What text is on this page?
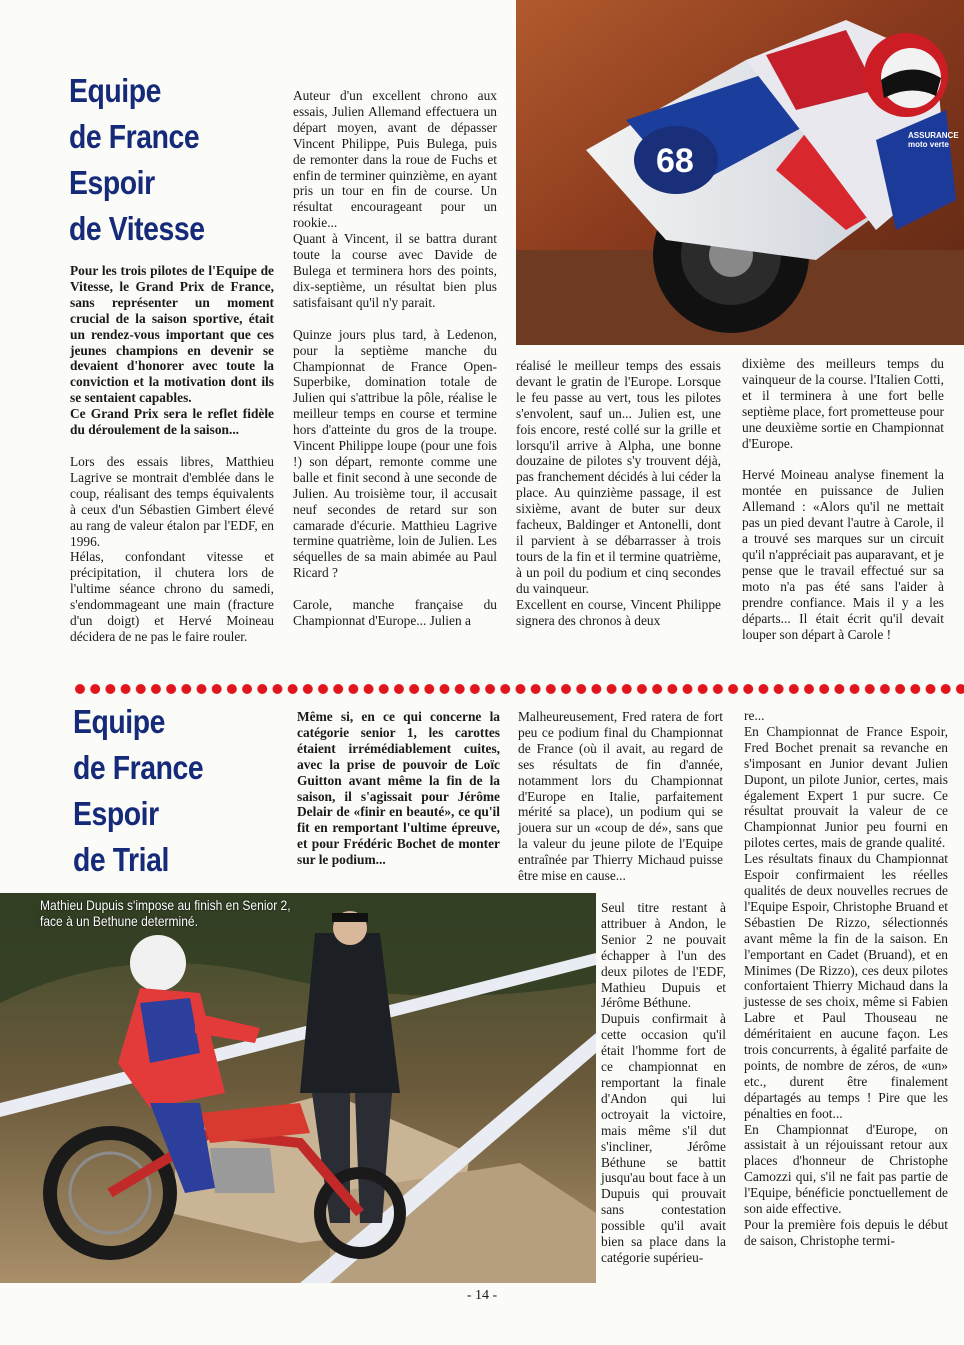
68
ASSURANCE
moto verte
Equipe
de France
Espoir
de Vitesse

Pour les trois pilotes de l'Equipe de Vitesse, le Grand Prix de France, sans représenter un moment crucial de la saison sportive, était un rendez-vous important que ces jeunes champions en devenir se devaient d'honorer avec toute la conviction et la motivation dont ils se sentaient capables.

Ce Grand Prix sera le reflet fidèle du déroulement de la saison...

Lors des essais libres, Matthieu Lagrive se montrait d'emblée dans le coup, réalisant des temps équivalents à ceux d'un Sébastien Gimbert élevé au rang de valeur étalon par l'EDF, en 1996.

Hélas, confondant vitesse et précipitation, il chutera lors de l'ultime séance chrono du samedi, s'endommageant une main (fracture d'un doigt) et Hervé Moineau décidera de ne pas le faire rouler.

Auteur d'un excellent chrono aux essais, Julien Allemand effectuera un départ moyen, avant de dépasser Vincent Philippe, Puis Bulega, puis de remonter dans la roue de Fuchs et enfin de terminer quinzième, en ayant pris un tour en fin de course. Un résultat encourageant pour un rookie...

Quant à Vincent, il se battra durant toute la course avec Davide de Bulega et terminera hors des points, dix-septième, un résultat bien plus satisfaisant qu'il n'y parait.

Quinze jours plus tard, à Ledenon, pour la septième manche du Championnat de France Open-Superbike, domination totale de Julien qui s'attribue la pôle, réalise le meilleur temps en course et termine hors d'atteinte du gros de la troupe. Vincent Philippe loupe (pour une fois !) son départ, remonte comme une balle et finit second à une seconde de Julien. Au troisième tour, il accusait neuf secondes de retard sur son camarade d'écurie. Matthieu Lagrive termine quatrième, loin de Julien. Les séquelles de sa main abimée au Paul Ricard ?

Carole, manche française du Championnat d'Europe... Julien a

réalisé le meilleur temps des essais devant le gratin de l'Europe. Lorsque le feu passe au vert, tous les pilotes s'envolent, sauf un... Julien est, une fois encore, resté collé sur la grille et lorsqu'il arrive à Alpha, une bonne douzaine de pilotes s'y trouvent déjà, pas franchement décidés à lui céder la place. Au quinzième passage, il est sixième, avant de buter sur deux facheux, Baldinger et Antonelli, dont il parvient à se débarrasser à trois tours de la fin et il termine quatrième, à un poil du podium et cinq secondes du vainqueur.

Excellent en course, Vincent Philippe signera des chronos à deux

dixième des meilleurs temps du vainqueur de la course. l'Italien Cotti, et il terminera à une fort belle septième place, fort prometteuse pour une deuxième sortie en Championnat d'Europe.

Hervé Moineau analyse finement la montée en puissance de Julien Allemand : «Alors qu'il ne mettait pas un pied devant l'autre à Carole, il a trouvé ses marques sur un circuit qu'il n'appréciait pas auparavant, et je pense que le travail effectué sur sa moto n'a pas été sans l'aider à prendre confiance. Mais il y a les départs... Il était écrit qu'il devait louper son départ à Carole !

Equipe
de France
Espoir
de Trial

Même si, en ce qui concerne la catégorie senior 1, les carottes étaient irrémédiablement cuites, avec la prise de pouvoir de Loïc Guitton avant même la fin de la saison, il s'agissait pour Jérôme Delair de «finir en beauté», ce qu'il fit en remportant l'ultime épreuve, et pour Frédéric Bochet de monter sur le podium...

Mathieu Dupuis s'impose au finish en Senior 2, face à un Bethune determiné.

Malheureusement, Fred ratera de fort peu ce podium final du Championnat de France (où il avait, au regard de ses résultats de fin d'année, notamment lors du Championnat d'Europe en Italie, parfaitement mérité sa place), un podium qui se jouera sur un «coup de dé», sans que la valeur du jeune pilote de l'Equipe entraînée par Thierry Michaud puisse être mise en cause...

Seul titre restant à attribuer à Andon, le Senior 2 ne pouvait échapper à l'un des deux pilotes de l'EDF, Mathieu Dupuis et Jérôme Béthune.

Dupuis confirmait à cette occasion qu'il était l'homme fort de ce championnat en remportant la finale d'Andon qui lui octroyait la victoire, mais même s'il dut s'incliner, Jérôme Béthune se battit jusqu'au bout face à un Dupuis qui prouvait sans contestation possible qu'il avait bien sa place dans la catégorie supérieu-

re...

En Championnat de France Espoir, Fred Bochet prenait sa revanche en s'imposant en Junior devant Julien Dupont, un pilote Junior, certes, mais également Expert 1 pur sucre. Ce résultat prouvait la valeur de ce Championnat Junior peu fourni en pilotes certes, mais de grande qualité.

Les résultats finaux du Championnat Espoir confirmaient les réelles qualités de deux nouvelles recrues de l'Equipe Espoir, Christophe Bruand et Sébastien De Rizzo, sélectionnés avant même la fin de la saison. En l'emportant en Cadet (Bruand), et en Minimes (De Rizzo), ces deux pilotes confortaient Thierry Michaud dans la justesse de ses choix, même si Fabien Labre et Paul Thouseau ne déméritaient en aucune façon. Les trois concurrents, à égalité parfaite de points, de nombre de zéros, de «un» etc., durent être finalement départagés au temps ! Pire que les pénalties en foot...

En Championnat d'Europe, on assistait à un réjouissant retour aux places d'honneur de Christophe Camozzi qui, s'il ne fait pas partie de l'Equipe, bénéficie ponctuellement de son aide effective.

Pour la première fois depuis le début de saison, Christophe termi-

- 14 -
